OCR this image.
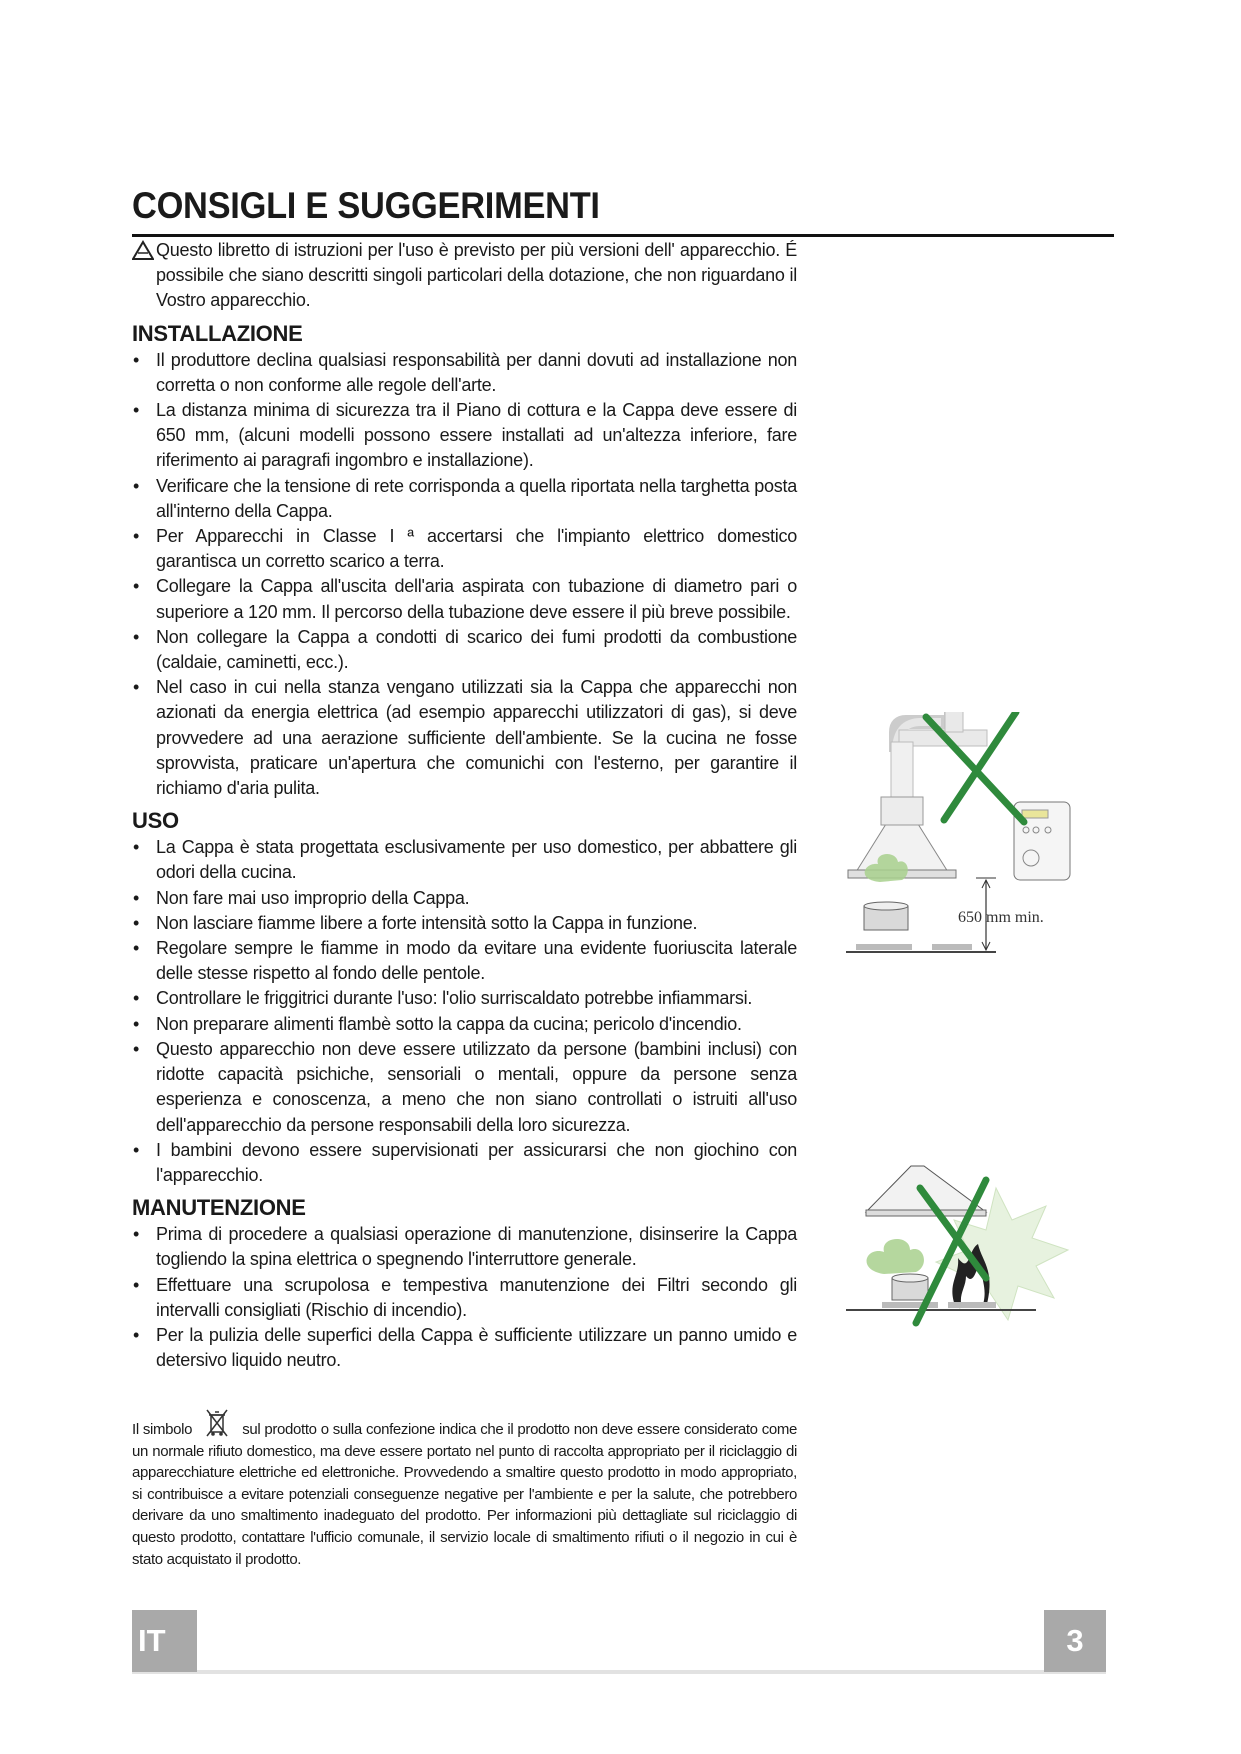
CONSIGLI E SUGGERIMENTI
Questo libretto di istruzioni per l'uso è previsto per più versioni dell' apparecchio. É possibile che siano descritti singoli particolari della dotazione, che non riguardano il Vostro apparecchio.
INSTALLAZIONE
• Il produttore declina qualsiasi responsabilità per danni dovuti ad installazione non corretta o non conforme alle regole dell'arte.
• La distanza minima di sicurezza tra il Piano di cottura e la Cappa deve essere di 650 mm, (alcuni modelli possono essere installati ad un'altezza inferiore, fare riferimento ai paragrafi ingombro e installazione).
• Verificare che la tensione di rete corrisponda a quella riportata nella targhetta posta all'interno della Cappa.
• Per Apparecchi in Classe I ª accertarsi che l'impianto elettrico domestico garantisca un corretto scarico a terra.
• Collegare la Cappa all'uscita dell'aria aspirata con tubazione di diametro pari o superiore a 120 mm. Il percorso della tubazione deve essere il più breve possibile.
• Non collegare la Cappa a condotti di scarico dei fumi prodotti da combustione (caldaie, caminetti, ecc.).
• Nel caso in cui nella stanza vengano utilizzati sia la Cappa che apparecchi non azionati da energia elettrica (ad esempio apparecchi utilizzatori di gas), si deve provvedere ad una aerazione sufficiente dell'ambiente. Se la cucina ne fosse sprovvista, praticare un'apertura che comunichi con l'esterno, per garantire il richiamo d'aria pulita.
USO
• La Cappa è stata progettata esclusivamente per uso domestico, per abbattere gli odori della cucina.
• Non fare mai uso improprio della Cappa.
• Non lasciare fiamme libere a forte intensità sotto la Cappa in funzione.
• Regolare sempre le fiamme in modo da evitare una evidente fuoriuscita laterale delle stesse rispetto al fondo delle pentole.
• Controllare le friggitrici durante l'uso: l'olio surriscaldato potrebbe infiammarsi.
• Non preparare alimenti flambè sotto la cappa da cucina; pericolo d'incendio.
• Questo apparecchio non deve essere utilizzato da persone (bambini inclusi) con ridotte capacità psichiche, sensoriali o mentali, oppure da persone senza esperienza e conoscenza, a meno che non siano controllati o istruiti all'uso dell'apparecchio da persone responsabili della loro sicurezza.
• I bambini devono essere supervisionati per assicurarsi che non giochino con l'apparecchio.
MANUTENZIONE
• Prima di procedere a qualsiasi operazione di manutenzione, disinserire la Cappa togliendo la spina elettrica o spegnendo l'interruttore generale.
• Effettuare una scrupolosa e tempestiva manutenzione dei Filtri secondo gli intervalli consigliati (Rischio di incendio).
• Per la pulizia delle superfici della Cappa è sufficiente utilizzare un panno umido e detersivo liquido neutro.
Il simbolo	sul prodotto o sulla confezione indica che il prodotto non deve essere considerato come un normale rifiuto domestico, ma deve essere portato nel punto di raccolta appropriato per il riciclaggio di apparecchiature elettriche ed elettroniche. Provvedendo a smaltire questo prodotto in modo appropriato, si contribuisce a evitare potenziali conseguenze negative per l'ambiente e per la salute, che potrebbero derivare da uno smaltimento inadeguato del prodotto. Per informazioni più dettagliate sul riciclaggio di questo prodotto, contattare l'ufficio comunale, il servizio locale di smaltimento rifiuti o il negozio in cui è stato acquistato il prodotto.
650 mm min.
IT	3
